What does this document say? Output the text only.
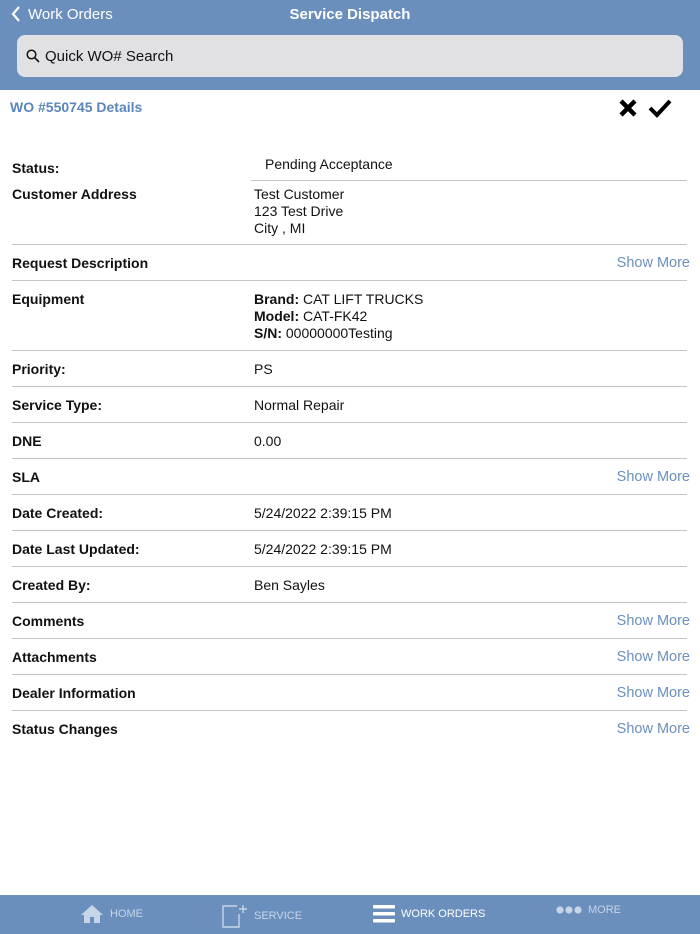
Work Orders	Service Dispatch
Quick WO# Search
WO #550745 Details
Status:	Pending Acceptance
Customer Address	Test Customer
123 Test Drive
City , MI
Request Description	Show More
Equipment	Brand: CAT LIFT TRUCKS
Model: CAT-FK42
S/N: 00000000Testing
Priority:	PS
Service Type:	Normal Repair
DNE	0.00
SLA	Show More
Date Created:	5/24/2022 2:39:15 PM
Date Last Updated:	5/24/2022 2:39:15 PM
Created By:	Ben Sayles
Comments	Show More
Attachments	Show More
Dealer Information	Show More
Status Changes	Show More
HOME	SERVICE	WORK ORDERS	MORE
